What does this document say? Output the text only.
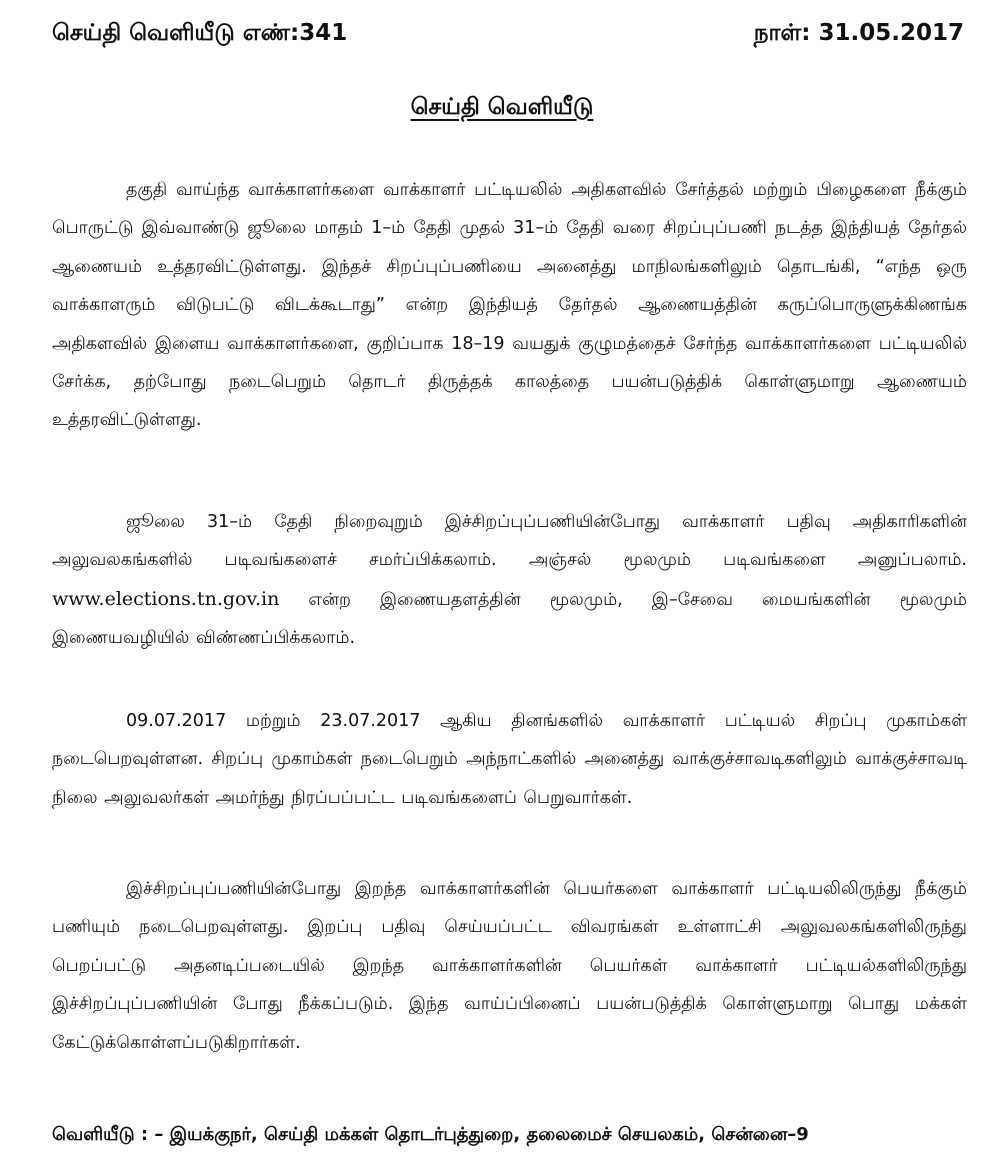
செய்தி வெளியீடு எண்:341	நாள்: 31.05.2017
செய்தி வெளியீடு

தகுதி வாய்ந்த வாக்காளர்களை வாக்காளர் பட்டியலில் அதிகளவில் சேர்த்தல் மற்றும் பிழைகளை நீக்கும் பொருட்டு இவ்வாண்டு ஜூலை மாதம் 1–ம் தேதி முதல் 31–ம் தேதி வரை சிறப்புப்பணி நடத்த இந்தியத் தேர்தல் ஆணையம் உத்தரவிட்டுள்ளது. இந்தச் சிறப்புப்பணியை அனைத்து மாநிலங்களிலும் தொடங்கி, “எந்த ஒரு வாக்காளரும் விடுபட்டு விடக்கூடாது” என்ற இந்தியத் தேர்தல் ஆணையத்தின் கருப்பொருளுக்கிணங்க அதிகளவில் இளைய வாக்காளர்களை, குறிப்பாக 18–19 வயதுக் குழுமத்தைச் சேர்ந்த வாக்காளர்களை பட்டியலில் சேர்க்க, தற்போது நடைபெறும் தொடர் திருத்தக் காலத்தை பயன்படுத்திக் கொள்ளுமாறு ஆணையம் உத்தரவிட்டுள்ளது.

ஜூலை 31–ம் தேதி நிறைவுறும் இச்சிறப்புப்பணியின்போது வாக்காளர் பதிவு அதிகாரிகளின் அலுவலகங்களில் படிவங்களைச் சமர்ப்பிக்கலாம். அஞ்சல் மூலமும் படிவங்களை அனுப்பலாம். www.elections.tn.gov.in என்ற இணையதளத்தின் மூலமும், இ–சேவை மையங்களின் மூலமும் இணையவழியில் விண்ணப்பிக்கலாம்.

09.07.2017 மற்றும் 23.07.2017 ஆகிய தினங்களில் வாக்காளர் பட்டியல் சிறப்பு முகாம்கள் நடைபெறவுள்ளன. சிறப்பு முகாம்கள் நடைபெறும் அந்நாட்களில் அனைத்து வாக்குச்சாவடிகளிலும் வாக்குச்சாவடி நிலை அலுவலர்கள் அமர்ந்து நிரப்பப்பட்ட படிவங்களைப் பெறுவார்கள்.

இச்சிறப்புப்பணியின்போது இறந்த வாக்காளர்களின் பெயர்களை வாக்காளர் பட்டியலிலிருந்து நீக்கும் பணியும் நடைபெறவுள்ளது. இறப்பு பதிவு செய்யப்பட்ட விவரங்கள் உள்ளாட்சி அலுவலகங்களிலிருந்து பெறப்பட்டு அதனடிப்படையில் இறந்த வாக்காளர்களின் பெயர்கள் வாக்காளர் பட்டியல்களிலிருந்து இச்சிறப்புப்பணியின் போது நீக்கப்படும். இந்த வாய்ப்பினைப் பயன்படுத்திக் கொள்ளுமாறு பொது மக்கள் கேட்டுக்கொள்ளப்படுகிறார்கள்.

வெளியீடு : – இயக்குநர், செய்தி மக்கள் தொடர்புத்துறை, தலைமைச் செயலகம், சென்னை–9
